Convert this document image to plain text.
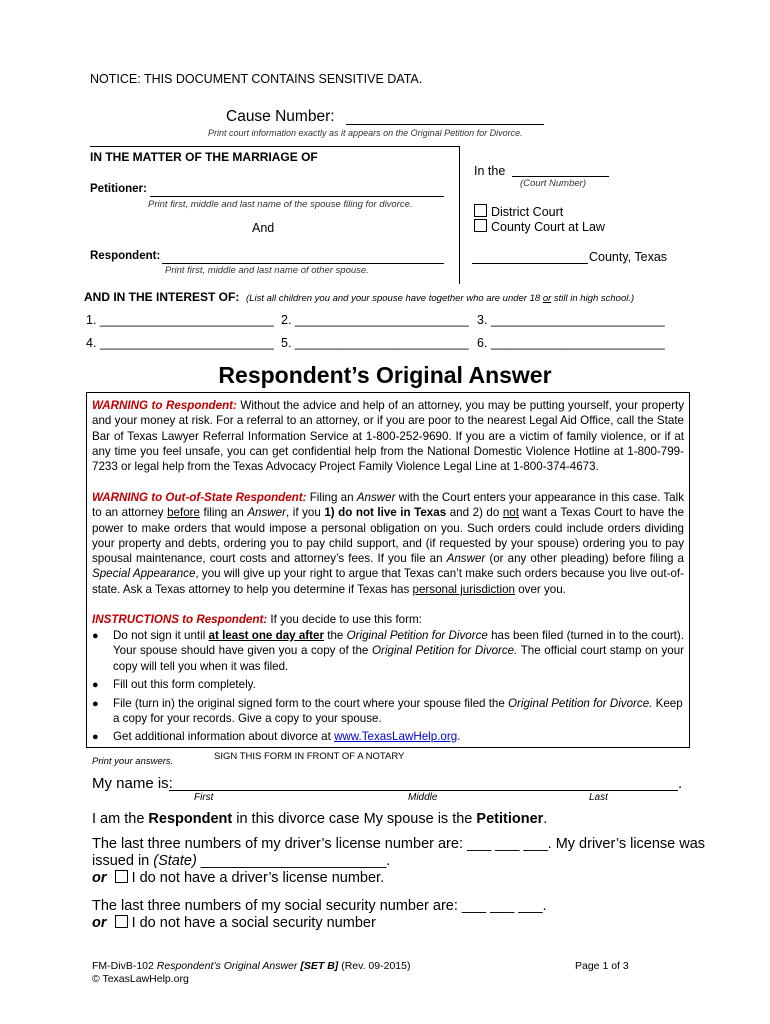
NOTICE: THIS DOCUMENT CONTAINS SENSITIVE DATA.
Cause Number:
Print court information exactly as it appears on the Original Petition for Divorce.
IN THE MATTER OF THE MARRIAGE OF
In the
(Court Number)
Petitioner:
Print first, middle and last name of the spouse filing for divorce.
District Court
County Court at Law
And
Respondent:
Print first, middle and last name of other spouse.
County, Texas
AND IN THE INTEREST OF: (List all children you and your spouse have together who are under 18 or still in high school.)
1. _________________________ 2. _________________________ 3. _________________________
4. _________________________ 5. _________________________ 6. _________________________
Respondent’s Original Answer
WARNING to Respondent: Without the advice and help of an attorney, you may be putting yourself, your property and your money at risk. For a referral to an attorney, or if you are poor to the nearest Legal Aid Office, call the State Bar of Texas Lawyer Referral Information Service at 1-800-252-9690. If you are a victim of family violence, or if at any time you feel unsafe, you can get confidential help from the National Domestic Violence Hotline at 1-800-799-7233 or legal help from the Texas Advocacy Project Family Violence Legal Line at 1-800-374-4673.
WARNING to Out-of-State Respondent: Filing an Answer with the Court enters your appearance in this case. Talk to an attorney before filing an Answer, if you 1) do not live in Texas and 2) do not want a Texas Court to have the power to make orders that would impose a personal obligation on you. Such orders could include orders dividing your property and debts, ordering you to pay child support, and (if requested by your spouse) ordering you to pay spousal maintenance, court costs and attorney’s fees. If you file an Answer (or any other pleading) before filing a Special Appearance, you will give up your right to argue that Texas can’t make such orders because you live out-of-state. Ask a Texas attorney to help you determine if Texas has personal jurisdiction over you.
INSTRUCTIONS to Respondent: If you decide to use this form:
● Do not sign it until at least one day after the Original Petition for Divorce has been filed (turned in to the court). Your spouse should have given you a copy of the Original Petition for Divorce. The official court stamp on your copy will tell you when it was filed.
● Fill out this form completely.
● File (turn in) the original signed form to the court where your spouse filed the Original Petition for Divorce. Keep a copy for your records. Give a copy to your spouse.
● Get additional information about divorce at www.TexasLawHelp.org.
Print your answers.	SIGN THIS FORM IN FRONT OF A NOTARY
My name is:	.
First	Middle	Last
I am the Respondent in this divorce case My spouse is the Petitioner.
The last three numbers of my driver’s license number are: ___ ___ ___. My driver’s license was
issued in (State) _______________________.
or I do not have a driver’s license number.
The last three numbers of my social security number are: ___ ___ ___.
or I do not have a social security number
FM-DivB-102 Respondent’s Original Answer [SET B] (Rev. 09-2015)
© TexasLawHelp.org
Page 1 of 3
